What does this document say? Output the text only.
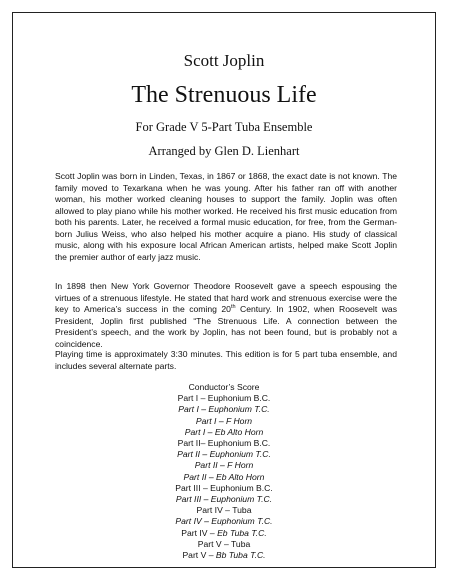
Scott Joplin
The Strenuous Life
For Grade V 5-Part Tuba Ensemble
Arranged by Glen D. Lienhart

Scott Joplin was born in Linden, Texas, in 1867 or 1868, the exact date is not known. The family moved to Texarkana when he was young. After his father ran off with another woman, his mother worked cleaning houses to support the family. Joplin was often allowed to play piano while his mother worked. He received his first music education from both his parents. Later, he received a formal music education, for free, from the German-born Julius Weiss, who also helped his mother acquire a piano. His study of classical music, along with his exposure local African American artists, helped make Scott Joplin the premier author of early jazz music.

In 1898 then New York Governor Theodore Roosevelt gave a speech espousing the virtues of a strenuous lifestyle. He stated that hard work and strenuous exercise were the key to America’s success in the coming 20th Century. In 1902, when Roosevelt was President, Joplin first published “The Strenuous Life. A connection between the President’s speech, and the work by Joplin, has not been found, but is probably not a coincidence.

Playing time is approximately 3:30 minutes. This edition is for 5 part tuba ensemble, and includes several alternate parts.

Conductor’s Score
Part I – Euphonium B.C.
Part I – Euphonium T.C.
Part I – F Horn
Part I – Eb Alto Horn
Part II– Euphonium B.C.
Part II – Euphonium T.C.
Part II – F Horn
Part II – Eb Alto Horn
Part III – Euphonium B.C.
Part III – Euphonium T.C.
Part IV – Tuba
Part IV – Euphonium T.C.
Part IV – Eb Tuba T.C.
Part V – Tuba
Part V – Bb Tuba T.C.
